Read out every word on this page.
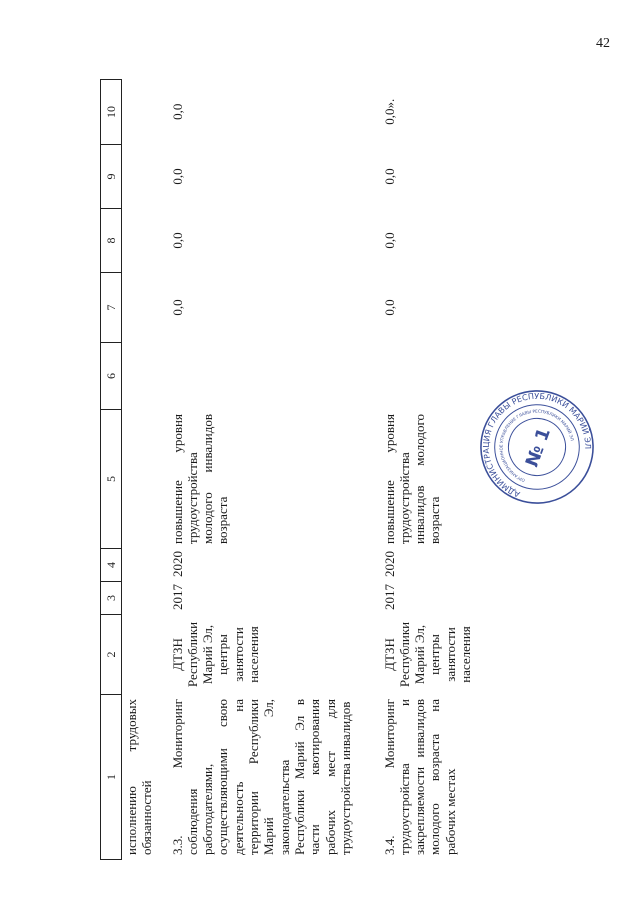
42
1	2	3	4	5	6	7	8	9	10
исполнению трудовых обязанностей									
3.3. Мониторинг соблюдения работодателями, осуществляющими свою деятельность на территории Республики Марий Эл, законодательства Республики Марий Эл в части квотирования рабочих мест для трудоустройства инвалидов	ДТЗН Республики Марий Эл, центры занятости населения	2017	2020	повышение уровня трудоустройства молодого инвалидов возраста		0,0	0,0	0,0	0,0
3.4. Мониторинг трудоустройства и закрепляемости инвалидов молодого возраста на рабочих местах	ДТЗН Республики Марий Эл, центры занятости населения	2017	2020	повышение уровня трудоустройства инвалидов молодого возраста		0,0	0,0	0,0	0,0».
АДМИНИСТРАЦИЯ ГЛАВЫ РЕСПУБЛИКИ МАРИЙ ЭЛ
ОРГАНИЗАЦИОННОЕ УПРАВЛЕНИЕ ГЛАВЫ РЕСПУБЛИКИ МАРИЙ ЭЛ
№ 1
